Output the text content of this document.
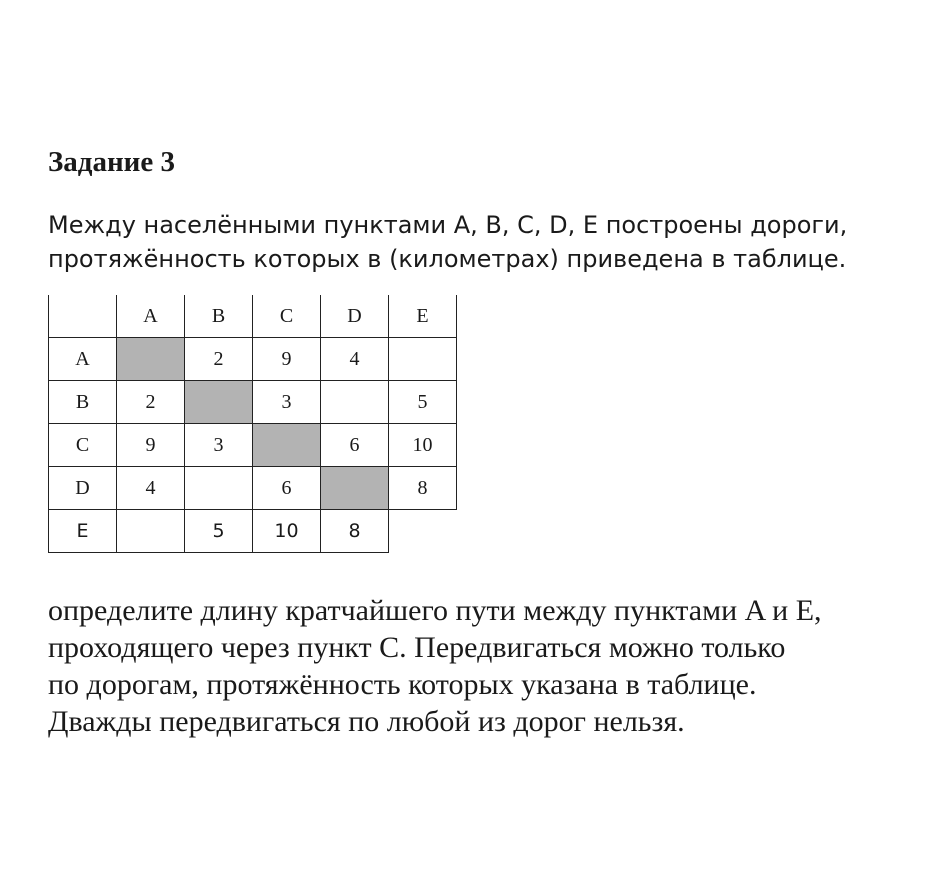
Задание 3
Между населёнными пунктами A, B, C, D, E построены дороги,
протяжённость которых в (километрах) приведена в таблице.
	A	B	C	D	E
A		2	9	4	
B	2		3		5
C	9	3		6	10
D	4		6		8
E		5	10	8	
определите длину кратчайшего пути между пунктами A и E,
проходящего через пункт C. Передвигаться можно только
по дорогам, протяжённость которых указана в таблице.
Дважды передвигаться по любой из дорог нельзя.
